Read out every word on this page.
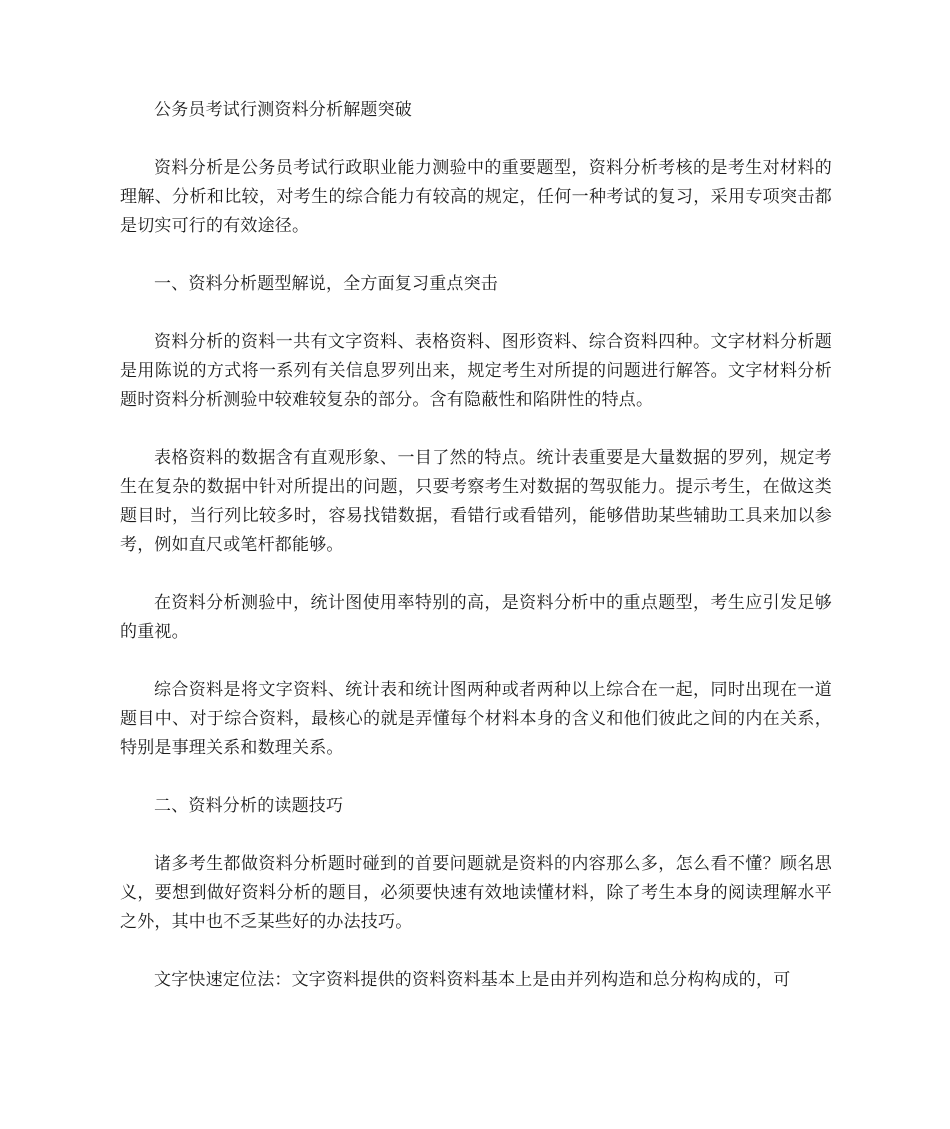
公务员考试行测资料分析解题突破

资料分析是公务员考试行政职业能力测验中的重要题型，资料分析考核的是考生对材料的理解、分析和比较，对考生的综合能力有较高的规定，任何一种考试的复习，采用专项突击都是切实可行的有效途径。

一、资料分析题型解说，全方面复习重点突击

资料分析的资料一共有文字资料、表格资料、图形资料、综合资料四种。文字材料分析题是用陈说的方式将一系列有关信息罗列出来，规定考生对所提的问题进行解答。文字材料分析题时资料分析测验中较难较复杂的部分。含有隐蔽性和陷阱性的特点。

表格资料的数据含有直观形象、一目了然的特点。统计表重要是大量数据的罗列，规定考生在复杂的数据中针对所提出的问题，只要考察考生对数据的驾驭能力。提示考生，在做这类题目时，当行列比较多时，容易找错数据，看错行或看错列，能够借助某些辅助工具来加以参考，例如直尺或笔杆都能够。

在资料分析测验中，统计图使用率特别的高，是资料分析中的重点题型，考生应引发足够的重视。

综合资料是将文字资料、统计表和统计图两种或者两种以上综合在一起，同时出现在一道题目中、对于综合资料，最核心的就是弄懂每个材料本身的含义和他们彼此之间的内在关系，特别是事理关系和数理关系。

二、资料分析的读题技巧

诸多考生都做资料分析题时碰到的首要问题就是资料的内容那么多，怎么看不懂？顾名思义，要想到做好资料分析的题目，必须要快速有效地读懂材料，除了考生本身的阅读理解水平之外，其中也不乏某些好的办法技巧。

文字快速定位法：文字资料提供的资料资料基本上是由并列构造和总分构构成的，可
